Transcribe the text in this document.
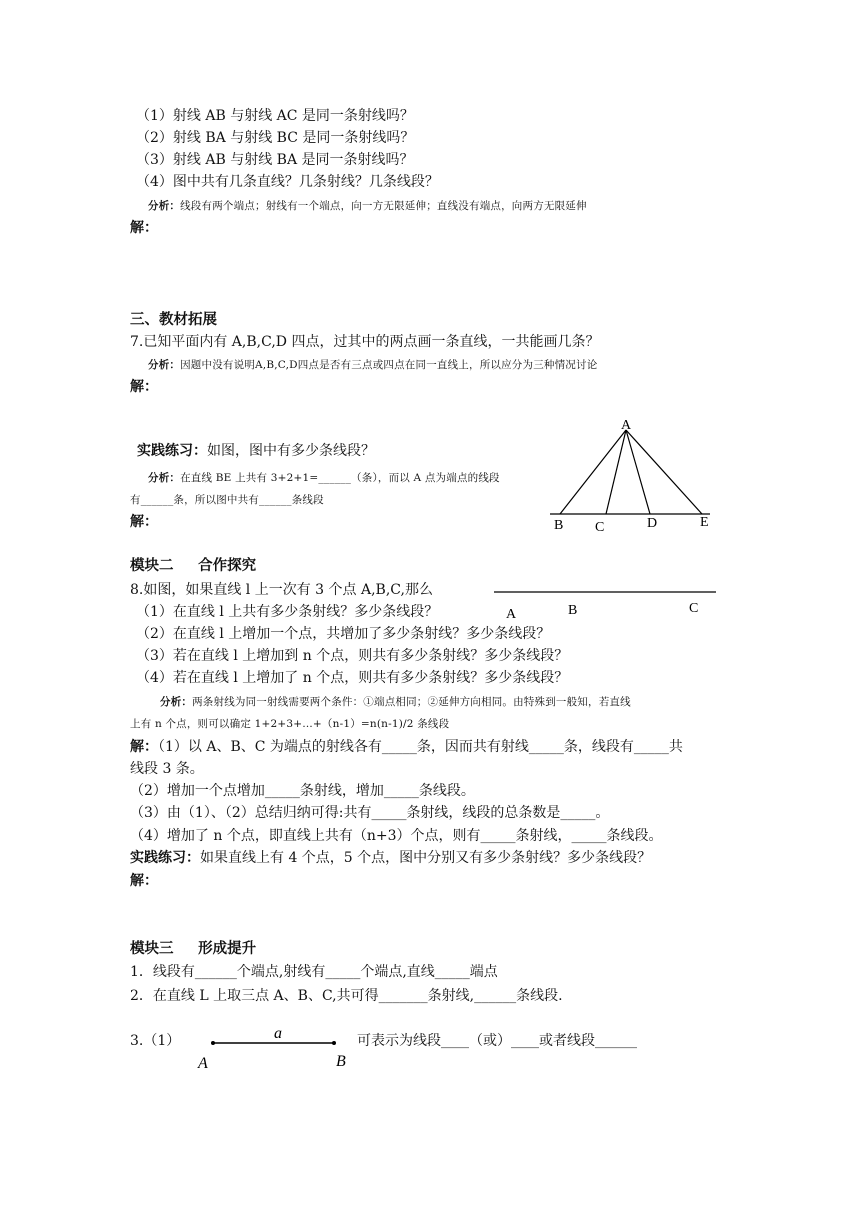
（1）射线 AB 与射线 AC 是同一条射线吗？
（2）射线 BA 与射线 BC 是同一条射线吗？
（3）射线 AB 与射线 BA 是同一条射线吗？
（4）图中共有几条直线？几条射线？几条线段？
分析：线段有两个端点；射线有一个端点，向一方无限延伸；直线没有端点，向两方无限延伸
解：
三、教材拓展
7.已知平面内有 A,B,C,D 四点，过其中的两点画一条直线，一共能画几条？
分析：因题中没有说明A,B,C,D四点是否有三点或四点在同一直线上，所以应分为三种情况讨论
解：
实践练习：如图，图中有多少条线段？
分析：在直线 BE 上共有 3+2+1=______（条），而以 A 点为端点的线段
有______条，所以图中共有______条线段
解：
A
B C	D	E
模块二　  合作探究
8.如图，如果直线 l 上一次有 3 个点 A,B,C,那么
A	B	C
（1）在直线 l 上共有多少条射线？多少条线段？
（2）在直线 l 上增加一个点，共增加了多少条射线？多少条线段？
（3）若在直线 l 上增加到 n 个点，则共有多少条射线？多少条线段？
（4）若在直线 l 上增加了 n 个点，则共有多少条射线？多少条线段？
分析：两条射线为同一射线需要两个条件：①端点相同；②延伸方向相同。由特殊到一般知，若直线
上有 n 个点，则可以确定 1+2+3+…+（n-1）=n(n-1)/2 条线段
解：（1）以 A、B、C 为端点的射线各有_____条，因而共有射线_____条，线段有_____共
线段 3 条。
（2）增加一个点增加_____条射线，增加_____条线段。
（3）由（1）、（2）总结归纳可得:共有_____条射线，线段的总条数是_____。
（4）增加了 n 个点，即直线上共有（n+3）个点，则有_____条射线，_____条线段。
实践练习：如果直线上有 4 个点，5 个点，图中分别又有多少条射线？多少条线段？
解：
模块三　  形成提升
1．线段有______个端点,射线有_____个端点,直线_____端点
2．在直线 L 上取三点 A、B、C,共可得_______条射线,______条线段.
3.（1）	a
A	B
可表示为线段____（或）____或者线段______
